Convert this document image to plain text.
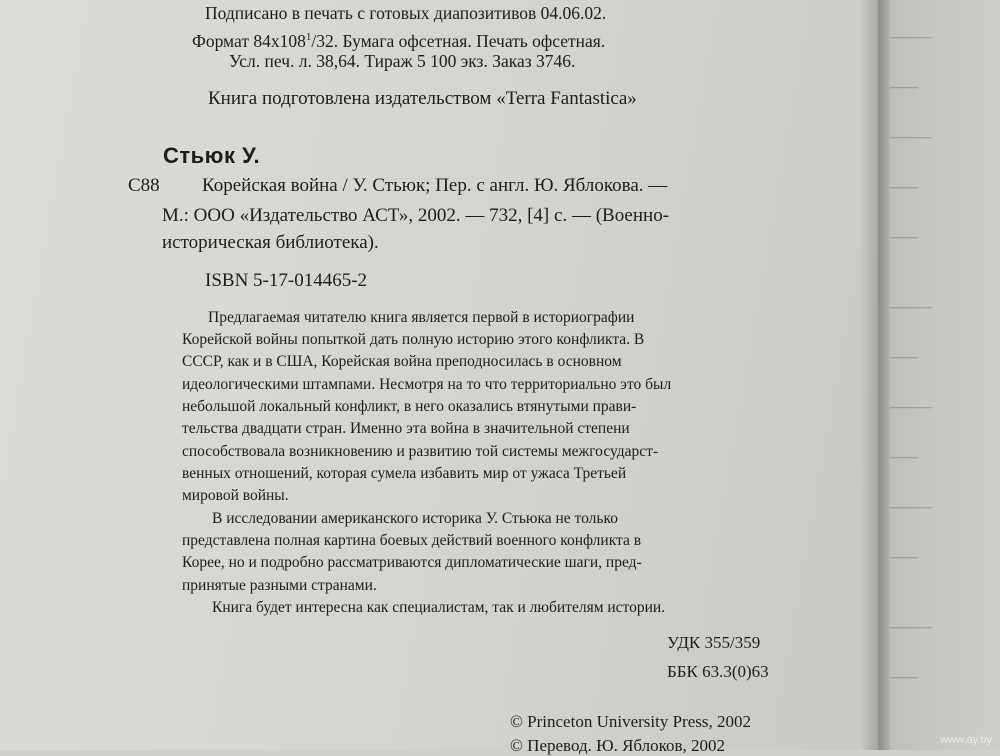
Подписано в печать с готовых диапозитивов 04.06.02.
Формат $84x108^1/32$. Бумага офсетная. Печать офсетная.
Усл. печ. л. 38,64. Тираж 5 100 экз. Заказ 3746.
Книга подготовлена издательством «Terra Fantastica»
Стьюк У.
С88 Корейская война / У. Стьюк; Пер. с англ. Ю. Яблокова. —
М.: ООО «Издательство АСТ», 2002. — 732, [4] с. — (Военно-
историческая библиотека).
ISBN 5-17-014465-2
Предлагаемая читателю книга является первой в историографии
Корейской войны попыткой дать полную историю этого конфликта. В
СССР, как и в США, Корейская война преподносилась в основном
идеологическими штампами. Несмотря на то что территориально это был
небольшой локальный конфликт, в него оказались втянутыми прави-
тельства двадцати стран. Именно эта война в значительной степени
способствовала возникновению и развитию той системы межгосударст-
венных отношений, которая сумела избавить мир от ужаса Третьей
мировой войны.
В исследовании американского историка У. Стьюка не только
представлена полная картина боевых действий военного конфликта в
Корее, но и подробно рассматриваются дипломатические шаги, пред-
принятые разными странами.
Книга будет интересна как специалистам, так и любителям истории.
УДК 355/359
ББК 63.3(0)63
© Princeton University Press, 2002
© Перевод. Ю. Яблоков, 2002
———
——
———
——
——
———
——
———
——
———
——
———
——
www.ay.by
